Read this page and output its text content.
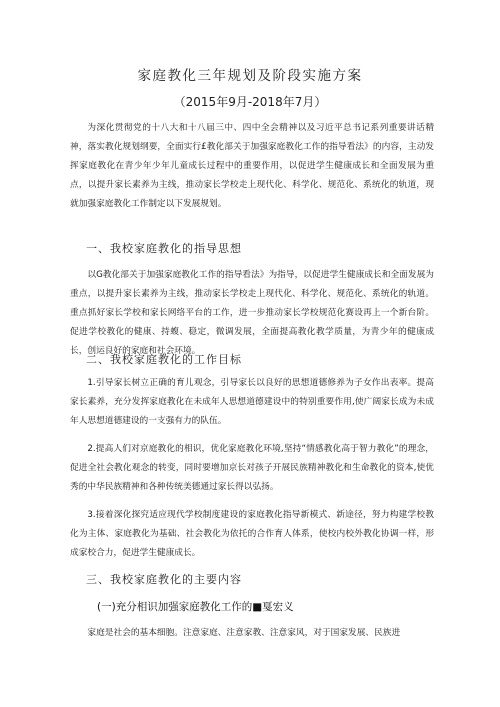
家庭教化三年规划及阶段实施方案
（2015年9月-2018年7月）

为深化贯彻党的十八大和十八届三中、四中全会精神以及习近平总书记系列重要讲话精神，落实教化规划纲要，全面实行£教化部关于加强家庭教化工作的指导看法》的内容，主动发挥家庭教化在青少年少年儿童成长过程中的重要作用，以促进学生健康成长和全面发展为重点，以提升家长素养为主线，推动家长学校走上现代化、科学化、规范化、系统化的轨道，现就加强家庭教化工作制定以下发展规划。

一、我校家庭教化的指导思想

以G教化部关于加强家庭教化工作的指导看法》为指导，以促进学生健康成长和全面发展为重点，以提升家长素养为主线，推动家长学校走上现代化、科学化、规范化、系统化的轨道。重点抓好家长学校和家长网络平台的工作，进一步推动家长学校规范化赛设再上一个新台阶。促进学校教化的健康、持蝮、稳定，微调发展，全面提高教化教学质量，为青少年的健康成长，创运良好的家庭和社会环境。

二、我校家庭教化的工作目标

1.引导家长树立正确的育儿观念，引导家长以良好的思想道德修养为子女作出表率。提高家长素养，充分发挥家庭教化在未成年人思想道德建设中的特别重要作用,使广阔家长成为未成年人思想道德建设的一支强有力的队伍。

2.提高人们对京庭教化的相识，优化家庭教化环境,坚持“情感教化高于智力教化”的理念，促进全社会教化观念的转变，同时要增加京长对孩子开展民族精神教化和生命教化的资本,使优秀的中华民族精神和各种传统美德通过家长得以弘扬。

3.接着深化探究适应现代学校制度建设的家庭教化指导新模式、新途径，努力构建学校教化为主体、家庭教化为基础、社会教化为依托的合作育人体系，使校内校外教化协调一样，形成家校合力，促进学生健康成长。

三、我校家庭教化的主要内容
(一)充分相识加强家庭教化工作的■戛宏义

家庭是社会的基本细胞。注意家庭、注意家教、注意家风，对于国家发展、民族进
